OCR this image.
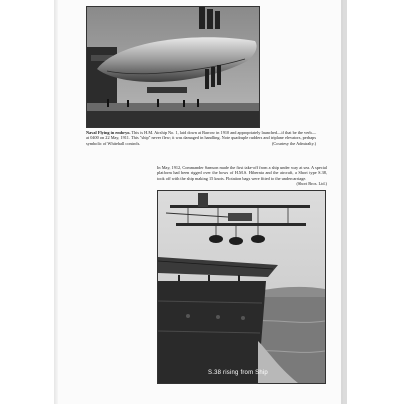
Naval Flying in embryo. This is H.M. Airship No. 1, laid down at Barrow in 1910 and appropriately launched—if that be the verb—at 0400 on 22 May, 1911. This "ship" never flew; it was damaged in handling. Note quadruple rudders and triplane elevators, perhaps symbolic of Whitehall controls.	(Courtesy the Admiralty.)

In May, 1912, Commander Samson made the first take-off from a ship under way at sea. A special platform had been rigged over the bows of H.M.S. Hibernia and the aircraft, a Short type S.38, took off with the ship making 15 knots. Flotation bags were fitted to the undercarriage.
(Short Bros. Ltd.)

S.38 rising from Ship
